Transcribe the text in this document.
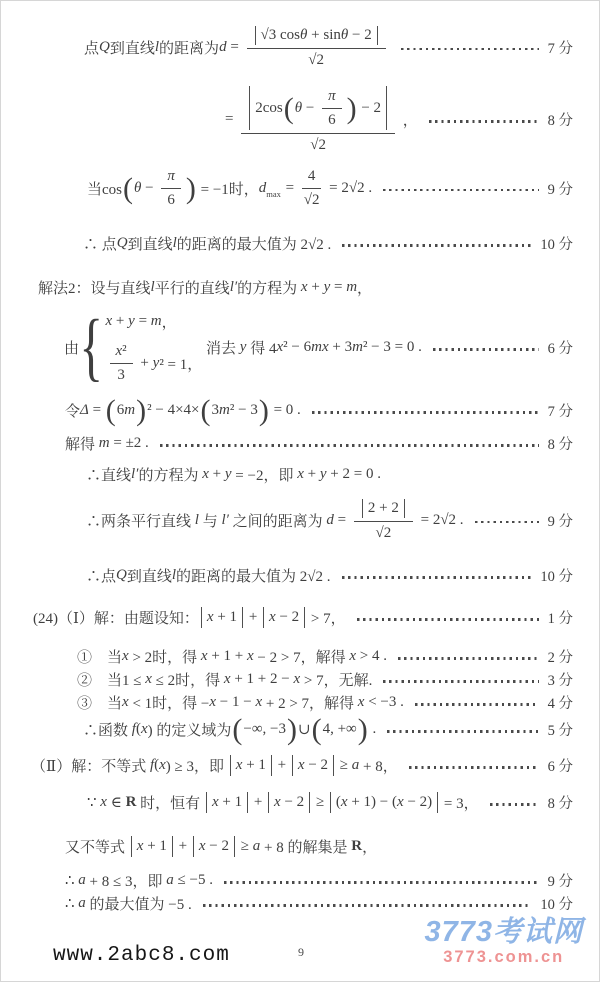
点 Q 到直线 l 的距离为 $d = \frac{\text{√3 cos θ + sin θ − 2}}{√2}$	7 分
= $\frac{2\cos ( \theta - \frac{\pi}{6} ) - 2}{√2}$ ，	8 分
当cos ( $\theta - \frac{\pi}{6}$ ) = −1时， d $\max = \frac{4}{√2} = 2√2$ .	9 分
∴ 点 Q 到直线 l 的距离的最大值为 2√2 .	10 分
解法2：设与直线 l 平行的直线 l′ 的方程为 x + y = m ，
由 { x + y = m ，
$\frac{\text{x ²}}{3} + y$ ² = 1，
消去 y 得 4 x ² − 6 mx + 3 m ² − 3 = 0 .	6 分
令 Δ = ( 6 m ) ² − 4×4× ( 3 m ² − 3 ) = 0 .	7 分
解得 m = ±2 .	8 分
∴直线 l′ 的方程为 x + y = −2，即 x + y + 2 = 0 .
∴两条平行直线 l 与 l′ 之间的距离为 $d = \frac{2 + 2}{√2} = 2√2$ .	9 分
∴点 Q 到直线 l 的距离的最大值为 2√2 .	10 分
(24)（Ⅰ）解：由题设知： x + 1 + x − 2 > 7，	1 分
①　当 x > 2时，得 x + 1 + x − 2 > 7，解得 x > 4 .	2 分
②　当1 ≤ x ≤ 2时，得 x + 1 + 2 − x > 7，无解.	3 分
③　当 x < 1时，得 − x − 1 − x + 2 > 7，解得 x < −3 .	4 分
∴函数 f ( x ) 的定义域为 ( −∞, −3 ) ∪ ( 4, +∞ ) .	5 分
（Ⅱ）解：不等式 f ( x ) ≥ 3，即 x + 1 + x − 2 ≥ a + 8，	6 分
∵ x ∈ R 时，恒有 x + 1 + x − 2 ≥ ( x + 1) − ( x − 2) = 3，	8 分
又不等式 x + 1 + x − 2 ≥ a + 8 的解集是 R ，
∴ a + 8 ≤ 3，即 a ≤ −5 .	9 分
∴ a 的最大值为 −5 .	10 分
www.2abc8.com	9
3773考试网
3773.com.cn
